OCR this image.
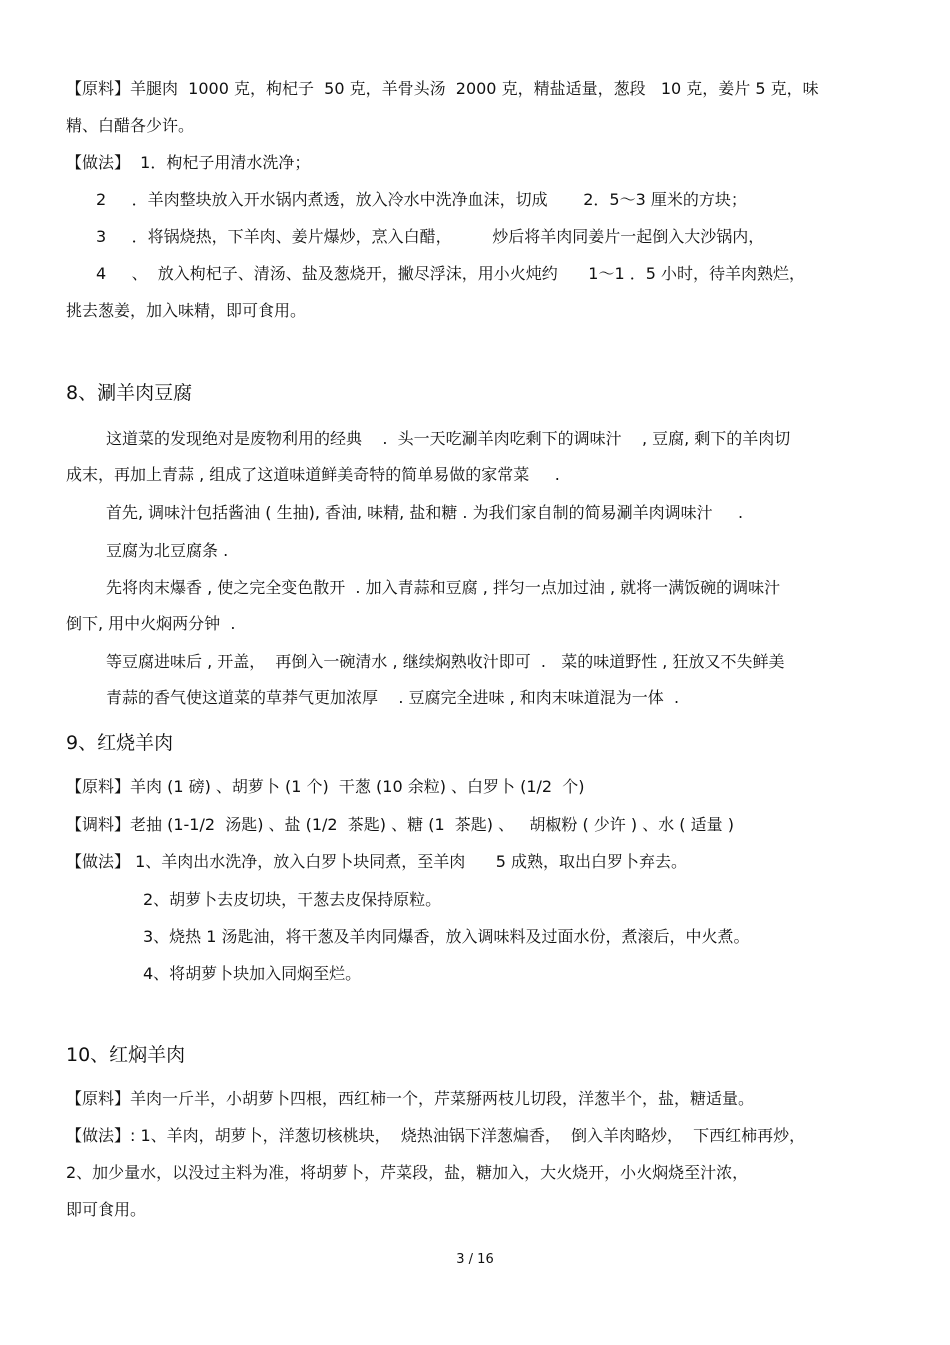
【原料】羊腿肉  1000 克，枸杞子  50 克，羊骨头汤  2000 克，精盐适量，葱段   10 克，姜片 5 克，味
精、白醋各少许。
【做法】  1．枸杞子用清水洗净；
2     ．羊肉整块放入开水锅内煮透，放入冷水中洗净血沫，切成       2．5～3 厘米的方块；
3     ．将锅烧热，下羊肉、姜片爆炒，烹入白醋，        炒后将羊肉同姜片一起倒入大沙锅内，
4     、  放入枸杞子、清汤、盐及葱烧开，撇尽浮沫，用小火炖约      1～1 ．5 小时，待羊肉熟烂，
挑去葱姜，加入味精，即可食用。
8、涮羊肉豆腐
这道菜的发现绝对是废物利用的经典    .  头一天吃涮羊肉吃剩下的调味汁    , 豆腐, 剩下的羊肉切
成末，再加上青蒜 , 组成了这道味道鲜美奇特的简单易做的家常菜     .
首先, 调味汁包括酱油 ( 生抽), 香油, 味精, 盐和糖 . 为我们家自制的简易涮羊肉调味汁     .
豆腐为北豆腐条 .
先将肉末爆香 , 使之完全变色散开  . 加入青蒜和豆腐 , 拌匀一点加过油 , 就将一满饭碗的调味汁
倒下, 用中火焖两分钟  .
等豆腐进味后 , 开盖，  再倒入一碗清水 , 继续焖熟收汁即可  .   菜的味道野性 , 狂放又不失鲜美
青蒜的香气使这道菜的草莽气更加浓厚    . 豆腐完全进味 , 和肉末味道混为一体  .
9、红烧羊肉
【原料】羊肉 (1 磅) 、胡萝卜 (1 个)  干葱 (10 余粒) 、白罗卜 (1/2  个)
【调料】老抽 (1-1/2  汤匙) 、盐 (1/2  茶匙) 、糖 (1  茶匙) 、   胡椒粉 ( 少许 ) 、水 ( 适量 )
【做法】 1、羊肉出水洗净，放入白罗卜块同煮，至羊肉      5 成熟，取出白罗卜弃去。
2、胡萝卜去皮切块，干葱去皮保持原粒。
3、烧热 1 汤匙油，将干葱及羊肉同爆香，放入调味料及过面水份，煮滚后，中火煮。
4、将胡萝卜块加入同焖至烂。
10、红焖羊肉
【原料】羊肉一斤半，小胡萝卜四根，西红柿一个，芹菜掰两枝儿切段，洋葱半个，盐，糖适量。
【做法】: 1、羊肉，胡萝卜，洋葱切核桃块，  烧热油锅下洋葱煸香，  倒入羊肉略炒，  下西红柿再炒，
2、加少量水，以没过主料为准，将胡萝卜，芹菜段，盐，糖加入，大火烧开，小火焖烧至汁浓，
即可食用。
3 / 16
